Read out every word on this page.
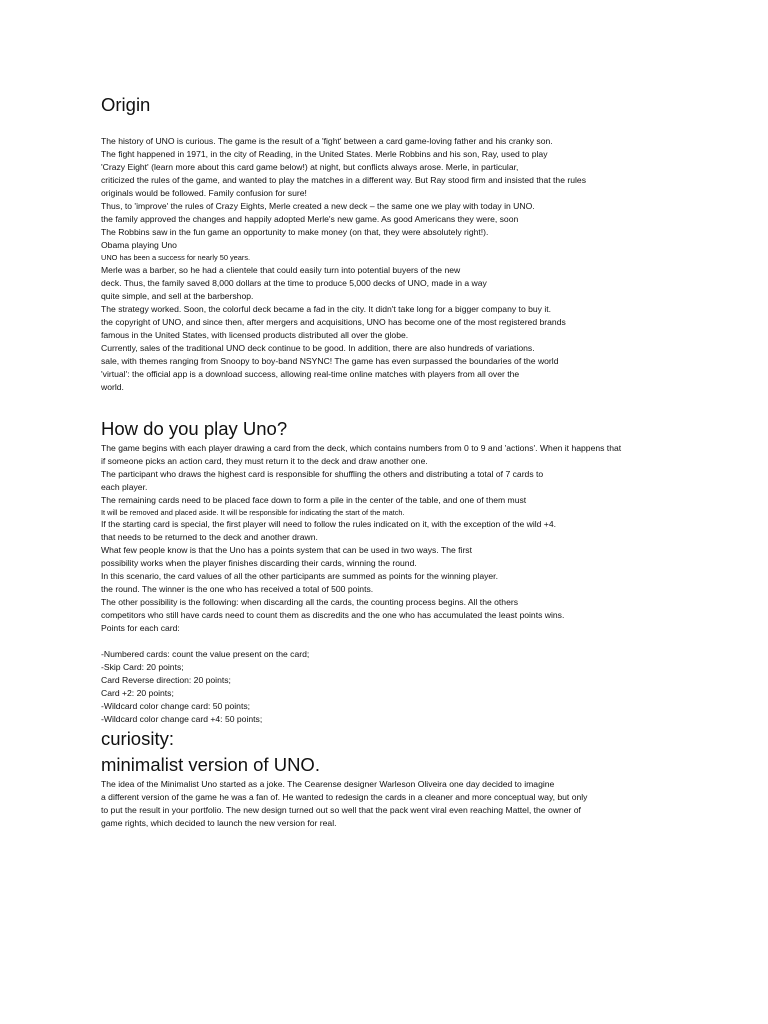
Origin

The history of UNO is curious. The game is the result of a 'fight' between a card game-loving father and his cranky son.

The fight happened in 1971, in the city of Reading, in the United States. Merle Robbins and his son, Ray, used to play

'Crazy Eight' (learn more about this card game below!) at night, but conflicts always arose. Merle, in particular,

criticized the rules of the game, and wanted to play the matches in a different way. But Ray stood firm and insisted that the rules

originals would be followed. Family confusion for sure!

Thus, to 'improve' the rules of Crazy Eights, Merle created a new deck – the same one we play with today in UNO.

the family approved the changes and happily adopted Merle's new game. As good Americans they were, soon

The Robbins saw in the fun game an opportunity to make money (on that, they were absolutely right!).

Obama playing Uno

UNO has been a success for nearly 50 years.

Merle was a barber, so he had a clientele that could easily turn into potential buyers of the new

deck. Thus, the family saved 8,000 dollars at the time to produce 5,000 decks of UNO, made in a way

quite simple, and sell at the barbershop.

The strategy worked. Soon, the colorful deck became a fad in the city. It didn't take long for a bigger company to buy it.

the copyright of UNO, and since then, after mergers and acquisitions, UNO has become one of the most registered brands

famous in the United States, with licensed products distributed all over the globe.

Currently, sales of the traditional UNO deck continue to be good. In addition, there are also hundreds of variations.

sale, with themes ranging from Snoopy to boy-band NSYNC! The game has even surpassed the boundaries of the world

'virtual': the official app is a download success, allowing real-time online matches with players from all over the

world.

How do you play Uno?

The game begins with each player drawing a card from the deck, which contains numbers from 0 to 9 and 'actions'. When it happens that

if someone picks an action card, they must return it to the deck and draw another one.

The participant who draws the highest card is responsible for shuffling the others and distributing a total of 7 cards to

each player.

The remaining cards need to be placed face down to form a pile in the center of the table, and one of them must

It will be removed and placed aside. It will be responsible for indicating the start of the match.

If the starting card is special, the first player will need to follow the rules indicated on it, with the exception of the wild +4.

that needs to be returned to the deck and another drawn.

What few people know is that the Uno has a points system that can be used in two ways. The first

possibility works when the player finishes discarding their cards, winning the round.

In this scenario, the card values of all the other participants are summed as points for the winning player.

the round. The winner is the one who has received a total of 500 points.

The other possibility is the following: when discarding all the cards, the counting process begins. All the others

competitors who still have cards need to count them as discredits and the one who has accumulated the least points wins.

Points for each card:

-Numbered cards: count the value present on the card;

-Skip Card: 20 points;

Card Reverse direction: 20 points;

Card +2: 20 points;

-Wildcard color change card: 50 points;

-Wildcard color change card +4: 50 points;

curiosity:
minimalist version of UNO.

The idea of the Minimalist Uno started as a joke. The Cearense designer Warleson Oliveira one day decided to imagine

a different version of the game he was a fan of. He wanted to redesign the cards in a cleaner and more conceptual way, but only

to put the result in your portfolio. The new design turned out so well that the pack went viral even reaching Mattel, the owner of

game rights, which decided to launch the new version for real.
